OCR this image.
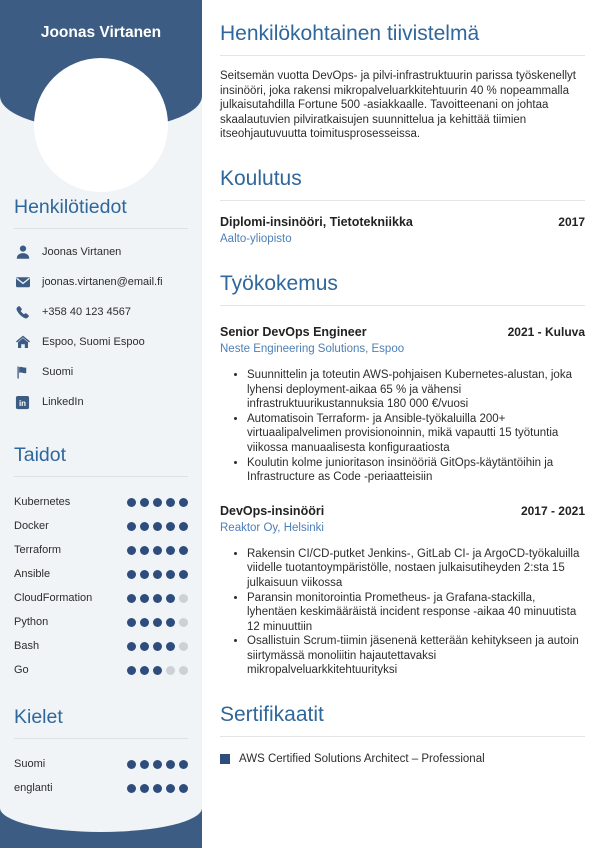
Joonas Virtanen
Henkilötiedot
Joonas Virtanen
joonas.virtanen@email.fi
+358 40 123 4567
Espoo, Suomi Espoo
Suomi
in LinkedIn
Taidot
Kubernetes
Docker
Terraform
Ansible
CloudFormation
Python
Bash
Go
Kielet
Suomi
englanti
Henkilökohtainen tiivistelmä

Seitsemän vuotta DevOps- ja pilvi-infrastruktuurin parissa työskenellyt insinööri, joka rakensi mikropalveluarkkitehtuurin 40 % nopeammalla julkaisutahdilla Fortune 500 -asiakkaalle. Tavoitteenani on johtaa skaalautuvien pilviratkaisujen suunnittelua ja kehittää tiimien itseohjautuvuutta toimitusprosesseissa.

Koulutus
Diplomi-insinööri, Tietotekniikka	2017
Aalto-yliopisto
Työkokemus
Senior DevOps Engineer	2021 - Kuluva
Neste Engineering Solutions, Espoo
• Suunnittelin ja toteutin AWS-pohjaisen Kubernetes-alustan, joka lyhensi deployment-aikaa 65 % ja vähensi infrastruktuurikustannuksia 180 000 €/vuosi
• Automatisoin Terraform- ja Ansible-työkaluilla 200+ virtuaalipalvelimen provisionoinnin, mikä vapautti 15 työtuntia viikossa manuaalisesta konfiguraatiosta
• Koulutin kolme junioritason insinööriä GitOps-käytäntöihin ja Infrastructure as Code -periaatteisiin
DevOps-insinööri	2017 - 2021
Reaktor Oy, Helsinki
• Rakensin CI/CD-putket Jenkins-, GitLab CI- ja ArgoCD-työkaluilla viidelle tuotantoympäristölle, nostaen julkaisutiheyden 2:sta 15 julkaisuun viikossa
• Paransin monitorointia Prometheus- ja Grafana-stackilla, lyhentäen keskimääräistä incident response -aikaa 40 minuutista 12 minuuttiin
• Osallistuin Scrum-tiimin jäsenenä ketterään kehitykseen ja autoin siirtymässä monoliitin hajautettavaksi mikropalveluarkkitehtuurityksi
Sertifikaatit
AWS Certified Solutions Architect – Professional
